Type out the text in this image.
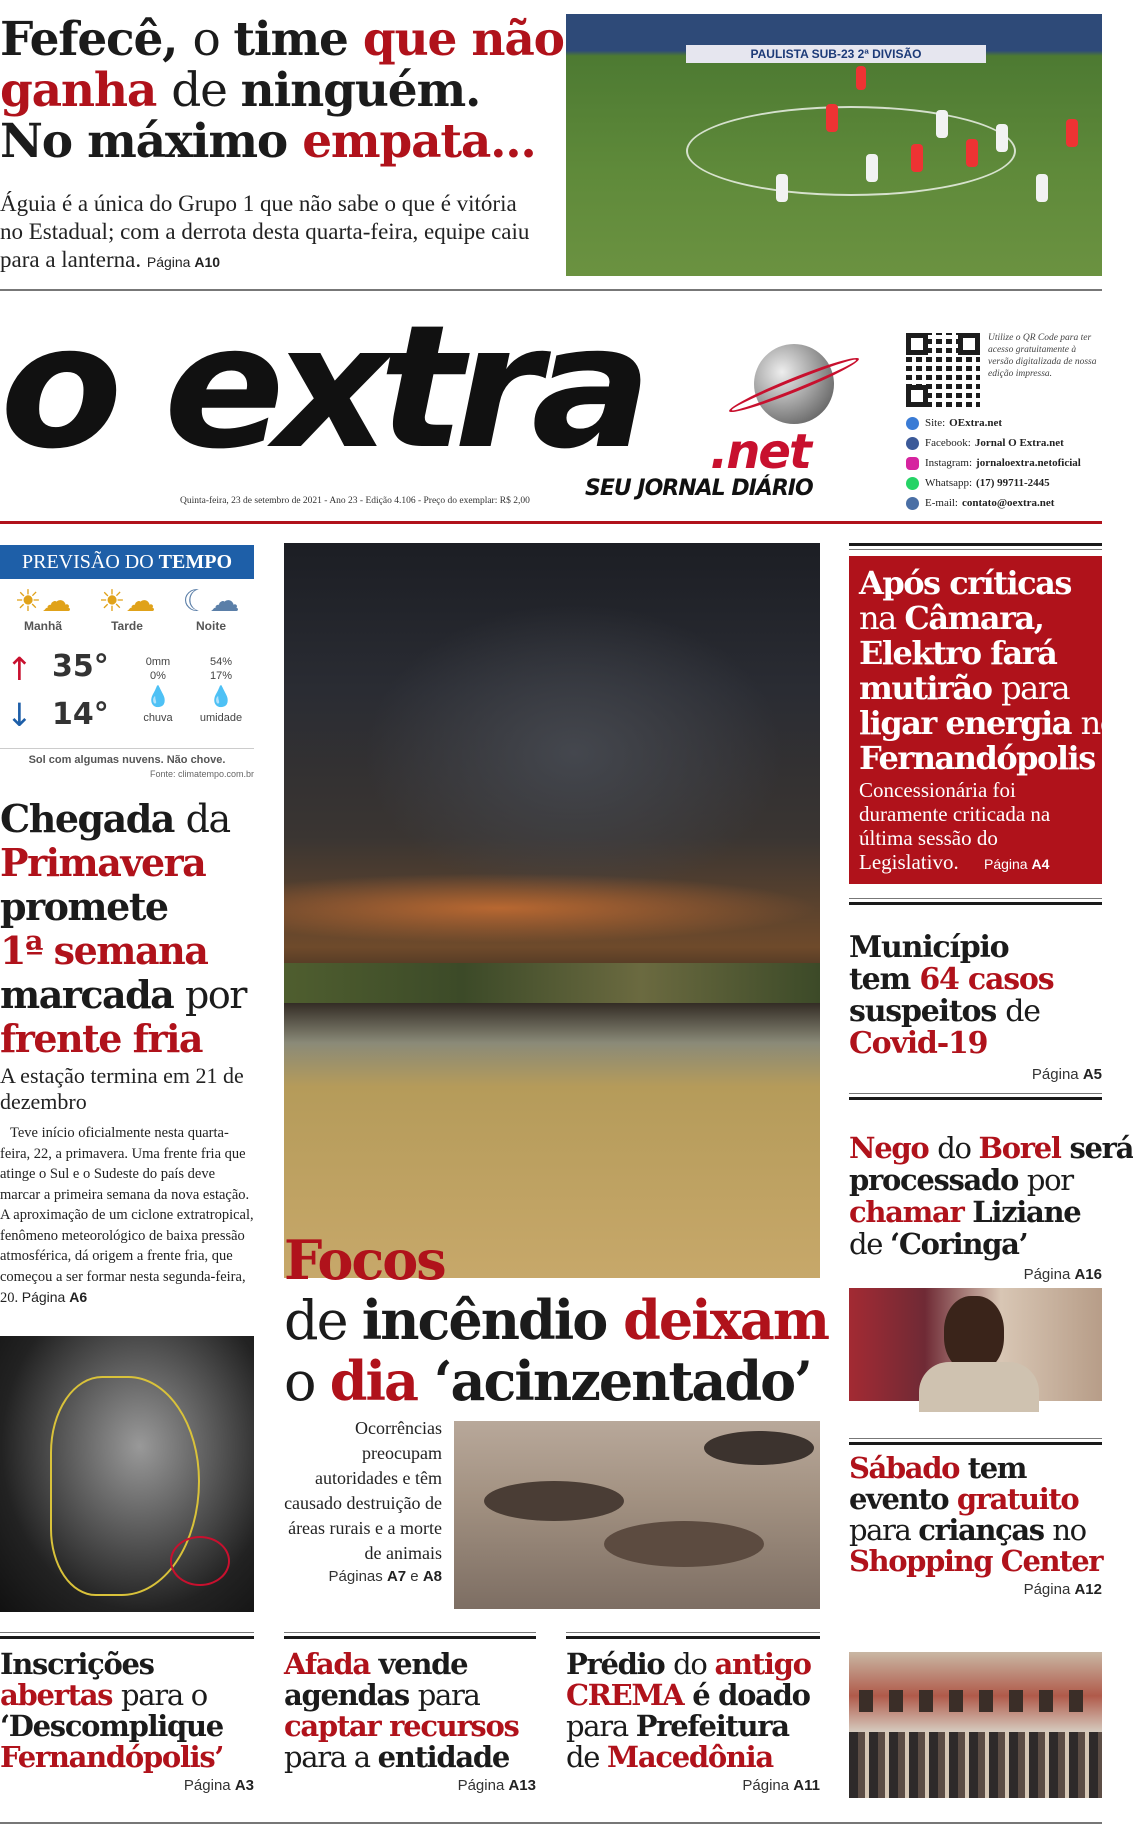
Fefecê, o time que não
ganha de ninguém.
No máximo empata...
Águia é a única do Grupo 1 que não sabe o que é vitória no Estadual; com a derrota desta quarta-feira, equipe caiu para a lanterna. Página A10
PAULISTA SUB-23 2ª DIVISÃO
o extra .net
SEU JORNAL DIÁRIO
Quinta-feira, 23 de setembro de 2021 - Ano 23 - Edição 4.106 - Preço do exemplar: R$ 2,00
Utilize o QR Code para ter acesso gratuitamente à versão digitalizada de nossa edição impressa.
Site: OExtra.net
Facebook: Jornal O Extra.net
Instagram: jornaloextra.netoficial
Whatsapp: (17) 99711-2445
E-mail: contato@oextra.net
PREVISÃO DO TEMPO
☀☁
Manhã
☀☁
Tarde
☾☁
Noite
↑ 35°
↓ 14°
0mm
0%
💧
chuva
54%
17%
💧
umidade
Sol com algumas nuvens. Não chove.
Fonte: climatempo.com.br
Chegada da
Primavera
promete
1ª semana
marcada por
frente fria
A estação termina em 21 de dezembro
Teve início oficialmente nesta quarta-feira, 22, a primavera. Uma frente fria que atinge o Sul e o Sudeste do país deve marcar a primeira semana da nova estação. A aproximação de um ciclone extratropical, fenômeno meteorológico de baixa pressão atmosférica, dá origem a frente fria, que começou a ser formar nesta segunda-feira, 20. Página A6
Focos
de incêndio deixam
o dia ‘acinzentado’
Ocorrências preocupam autoridades e têm causado destruição de áreas rurais e a morte de animais
Páginas A7 e A8
Após críticas
na Câmara,
Elektro fará
mutirão para
ligar energia no
Fernandópolis I
Concessionária foi duramente criticada na última sessão do Legislativo. Página A4
Município
tem 64 casos
suspeitos de
Covid-19
Página A5
Nego do Borel será
processado por
chamar Liziane
de ‘Coringa’
Página A16
Sábado tem
evento gratuito
para crianças no
Shopping Center
Página A12
Inscrições
abertas para o
‘Descomplique
Fernandópolis’
Página A3
Afada vende
agendas para
captar recursos
para a entidade
Página A13
Prédio do antigo
CREMA é doado
para Prefeitura
de Macedônia
Página A11
